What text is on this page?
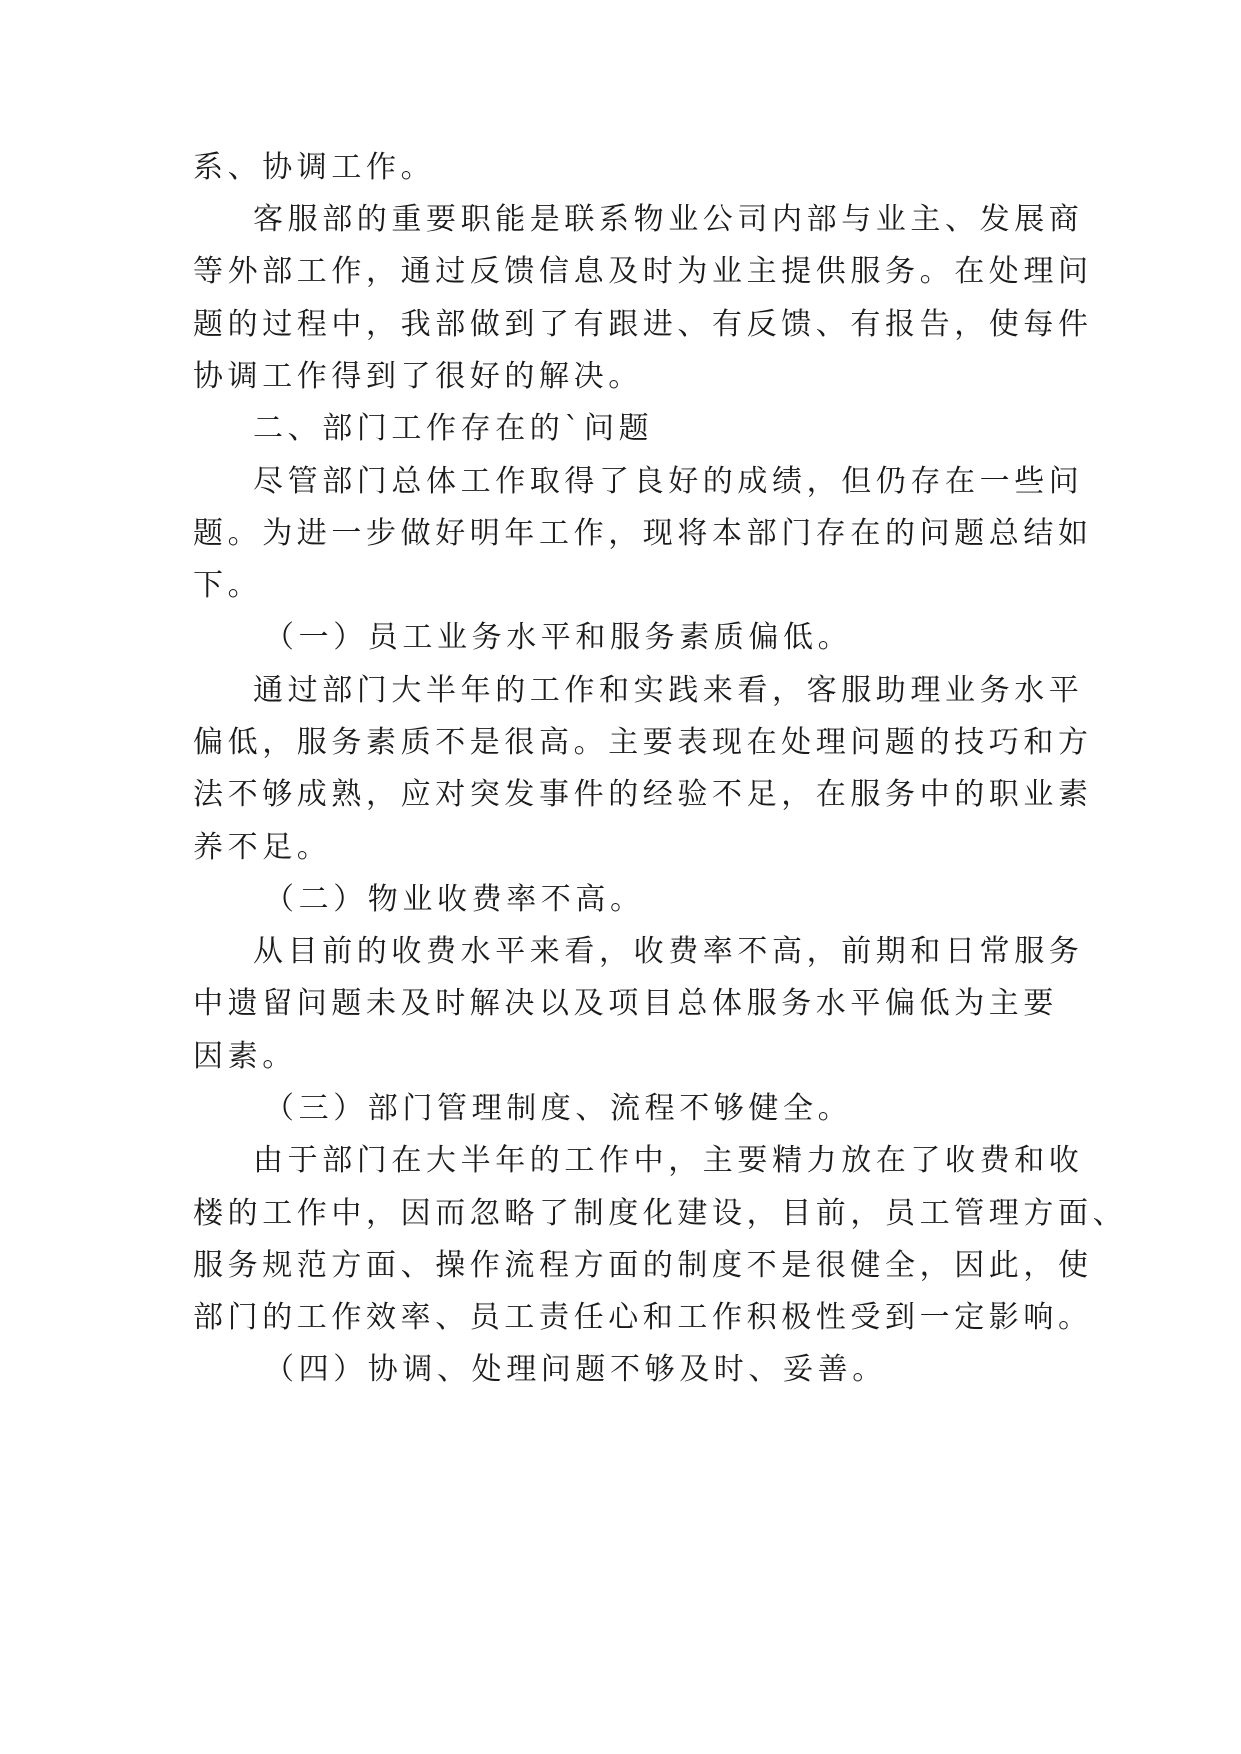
系、协调工作。
客服部的重要职能是联系物业公司内部与业主、发展商
等外部工作，通过反馈信息及时为业主提供服务。在处理问
题的过程中，我部做到了有跟进、有反馈、有报告，使每件
协调工作得到了很好的解决。
二、部门工作存在的`问题
尽管部门总体工作取得了良好的成绩，但仍存在一些问
题。为进一步做好明年工作，现将本部门存在的问题总结如
下。
（一）员工业务水平和服务素质偏低。
通过部门大半年的工作和实践来看，客服助理业务水平
偏低，服务素质不是很高。主要表现在处理问题的技巧和方
法不够成熟，应对突发事件的经验不足，在服务中的职业素
养不足。
（二）物业收费率不高。
从目前的收费水平来看，收费率不高，前期和日常服务
中遗留问题未及时解决以及项目总体服务水平偏低为主要
因素。
（三）部门管理制度、流程不够健全。
由于部门在大半年的工作中，主要精力放在了收费和收
楼的工作中，因而忽略了制度化建设，目前，员工管理方面、
服务规范方面、操作流程方面的制度不是很健全，因此，使
部门的工作效率、员工责任心和工作积极性受到一定影响。
（四）协调、处理问题不够及时、妥善。
